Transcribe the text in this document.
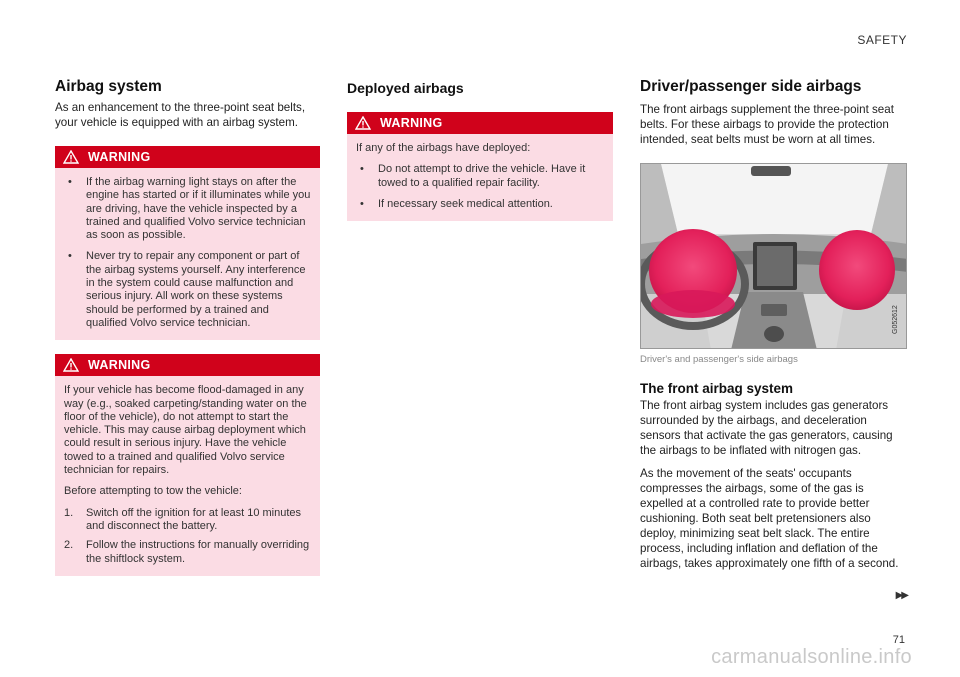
SAFETY
Airbag system

As an enhancement to the three-point seat belts, your vehicle is equipped with an airbag system.

WARNING
• If the airbag warning light stays on after the engine has started or if it illuminates while you are driving, have the vehicle inspected by a trained and qualified Volvo service technician as soon as possible.
• Never try to repair any component or part of the airbag systems yourself. Any interference in the system could cause malfunction and serious injury. All work on these systems should be performed by a trained and qualified Volvo service technician.
WARNING

If your vehicle has become flood-damaged in any way (e.g., soaked carpeting/standing water on the floor of the vehicle), do not attempt to start the vehicle. This may cause airbag deployment which could result in serious injury. Have the vehicle towed to a trained and qualified Volvo service technician for repairs.

Before attempting to tow the vehicle:

1. Switch off the ignition for at least 10 minutes and disconnect the battery.
2. Follow the instructions for manually overriding the shiftlock system.
Deployed airbags
WARNING

If any of the airbags have deployed:

• Do not attempt to drive the vehicle. Have it towed to a qualified repair facility.
• If necessary seek medical attention.
Driver/passenger side airbags

The front airbags supplement the three-point seat belts. For these airbags to provide the protection intended, seat belts must be worn at all times.

G052612
Driver's and passenger's side airbags
The front airbag system

The front airbag system includes gas generators surrounded by the airbags, and deceleration sensors that activate the gas generators, causing the airbags to be inflated with nitrogen gas.

As the movement of the seats' occupants compresses the airbags, some of the gas is expelled at a controlled rate to provide better cushioning. Both seat belt pretensioners also deploy, minimizing seat belt slack. The entire process, including inflation and deflation of the airbags, takes approximately one fifth of a second.

▶▶
71
carmanualsonline.info
